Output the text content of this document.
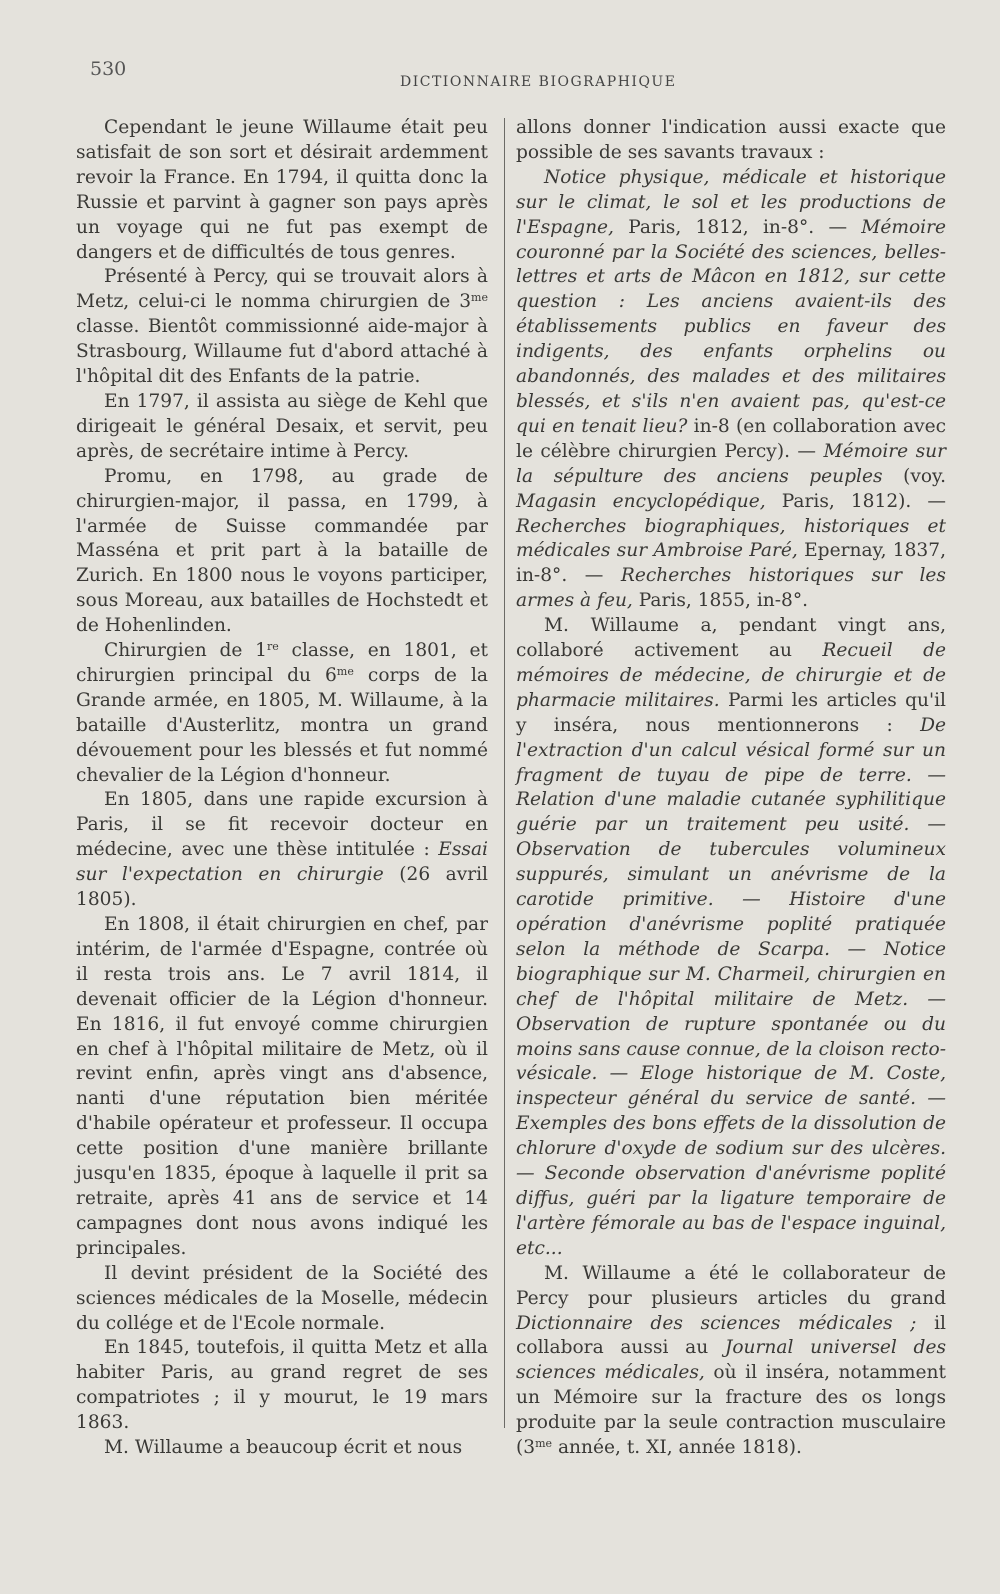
530
DICTIONNAIRE BIOGRAPHIQUE

Cependant le jeune Willaume était peu satisfait de son sort et désirait ardemment revoir la France. En 1794, il quitta donc la Russie et parvint à gagner son pays après un voyage qui ne fut pas exempt de dangers et de difficultés de tous genres.

Présenté à Percy, qui se trouvait alors à Metz, celui-ci le nomma chirurgien de $3^{me}$ classe. Bientôt commissionné aide-major à Strasbourg, Willaume fut d'abord attaché à l'hôpital dit des Enfants de la patrie.

En 1797, il assista au siège de Kehl que dirigeait le général Desaix, et servit, peu après, de secrétaire intime à Percy.

Promu, en 1798, au grade de chirurgien-major, il passa, en 1799, à l'armée de Suisse commandée par Masséna et prit part à la bataille de Zurich. En 1800 nous le voyons participer, sous Moreau, aux batailles de Hochstedt et de Hohenlinden.

Chirurgien de 1re classe, en 1801, et chirurgien principal du $6^{me}$ corps de la Grande armée, en 1805, M. Willaume, à la bataille d'Austerlitz, montra un grand dévouement pour les blessés et fut nommé chevalier de la Légion d'honneur.

En 1805, dans une rapide excursion à Paris, il se fit recevoir docteur en médecine, avec une thèse intitulée : Essai sur l'expectation en chirurgie (26 avril 1805).

En 1808, il était chirurgien en chef, par intérim, de l'armée d'Espagne, contrée où il resta trois ans. Le 7 avril 1814, il devenait officier de la Légion d'honneur. En 1816, il fut envoyé comme chirurgien en chef à l'hôpital militaire de Metz, où il revint enfin, après vingt ans d'absence, nanti d'une réputation bien méritée d'habile opérateur et professeur. Il occupa cette position d'une manière brillante jusqu'en 1835, époque à laquelle il prit sa retraite, après 41 ans de service et 14 campagnes dont nous avons indiqué les principales.

Il devint président de la Société des sciences médicales de la Moselle, médecin du collége et de l'Ecole normale.

En 1845, toutefois, il quitta Metz et alla habiter Paris, au grand regret de ses compatriotes ; il y mourut, le 19 mars 1863.

M. Willaume a beaucoup écrit et nous

allons donner l'indication aussi exacte que possible de ses savants travaux :

Notice physique, médicale et historique sur le climat, le sol et les productions de l'Espagne, Paris, 1812, in-8°. — Mémoire couronné par la Société des sciences, belles-lettres et arts de Mâcon en 1812, sur cette question : Les anciens avaient-ils des établissements publics en faveur des indigents, des enfants orphelins ou abandonnés, des malades et des militaires blessés, et s'ils n'en avaient pas, qu'est-ce qui en tenait lieu? in-8 (en collaboration avec le célèbre chirurgien Percy). — Mémoire sur la sépulture des anciens peuples (voy. Magasin encyclopédique, Paris, 1812). — Recherches biographiques, historiques et médicales sur Ambroise Paré, Epernay, 1837, in-8°. — Recherches historiques sur les armes à feu, Paris, 1855, in-8°.

M. Willaume a, pendant vingt ans, collaboré activement au Recueil de mémoires de médecine, de chirurgie et de pharmacie militaires. Parmi les articles qu'il y inséra, nous mentionnerons : De l'extraction d'un calcul vésical formé sur un fragment de tuyau de pipe de terre. — Relation d'une maladie cutanée syphilitique guérie par un traitement peu usité. — Observation de tubercules volumineux suppurés, simulant un anévrisme de la carotide primitive. — Histoire d'une opération d'anévrisme poplité pratiquée selon la méthode de Scarpa. — Notice biographique sur M. Charmeil, chirurgien en chef de l'hôpital militaire de Metz. — Observation de rupture spontanée ou du moins sans cause connue, de la cloison recto-vésicale. — Eloge historique de M. Coste, inspecteur général du service de santé. — Exemples des bons effets de la dissolution de chlorure d'oxyde de sodium sur des ulcères. — Seconde observation d'anévrisme poplité diffus, guéri par la ligature temporaire de l'artère fémorale au bas de l'espace inguinal, etc...

M. Willaume a été le collaborateur de Percy pour plusieurs articles du grand Dictionnaire des sciences médicales ; il collabora aussi au Journal universel des sciences médicales, où il inséra, notamment un Mémoire sur la fracture des os longs produite par la seule contraction musculaire ($3^{me}$ année, t. XI, année 1818).
